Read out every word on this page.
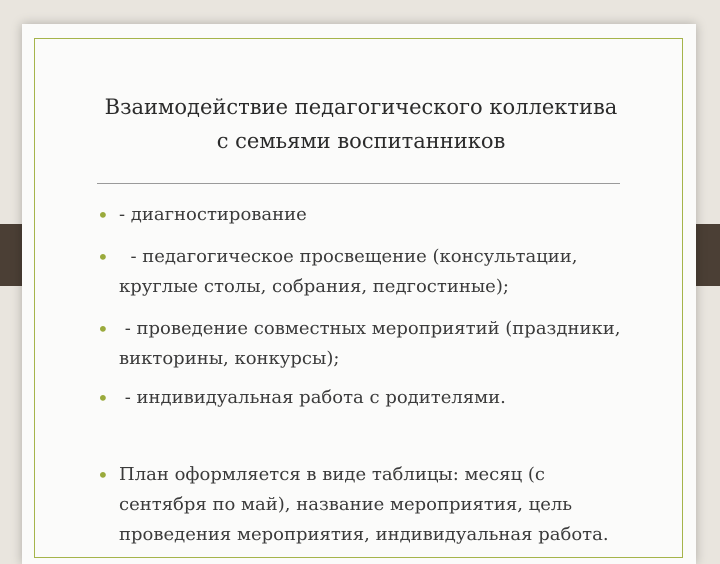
Взаимодействие педагогического коллектива
с семьями воспитанников
• - диагностирование
• - педагогическое просвещение (консультации, круглые столы, собрания, педгостиные);
• - проведение совместных мероприятий (праздники, викторины, конкурсы);
• - индивидуальная работа с родителями.
• План оформляется в виде таблицы: месяц (с сентября по май), название мероприятия, цель проведения мероприятия, индивидуальная работа.
